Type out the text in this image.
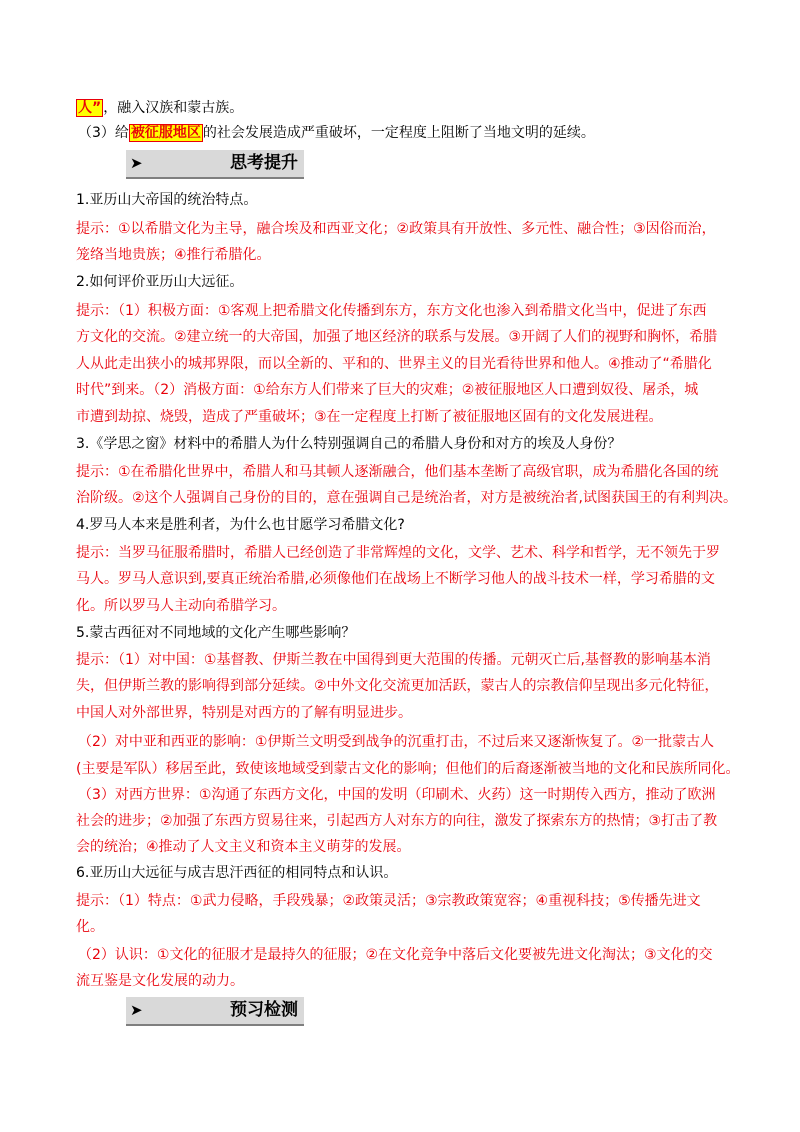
人” ，融入汉族和蒙古族。
（3）给 被征服地区 的社会发展造成严重破坏，一定程度上阻断了当地文明的延续。
➤	思考提升
1.亚历山大帝国的统治特点。
提示：①以希腊文化为主导，融合埃及和西亚文化；②政策具有开放性、多元性、融合性；③因俗而治，
笼络当地贵族；④推行希腊化。
2.如何评价亚历山大远征。
提示：（1）积极方面：①客观上把希腊文化传播到东方，东方文化也渗入到希腊文化当中，促进了东西
方文化的交流。②建立统一的大帝国，加强了地区经济的联系与发展。③开阔了人们的视野和胸怀，希腊
人从此走出狭小的城邦界限，而以全新的、平和的、世界主义的目光看待世界和他人。④推动了“希腊化
时代”到来。（2）消极方面：①给东方人们带来了巨大的灾难；②被征服地区人口遭到奴役、屠杀，城
市遭到劫掠、烧毁，造成了严重破坏；③在一定程度上打断了被征服地区固有的文化发展进程。
3.《学思之窗》材料中的希腊人为什么特别强调自己的希腊人身份和对方的埃及人身份？
提示：①在希腊化世界中，希腊人和马其顿人逐渐融合，他们基本垄断了高级官职，成为希腊化各国的统
治阶级。②这个人强调自己身份的目的，意在强调自己是统治者，对方是被统治者,试图获国王的有利判决。
4.罗马人本来是胜利者，为什么也甘愿学习希腊文化?
提示：当罗马征服希腊时，希腊人已经创造了非常辉煌的文化，文学、艺术、科学和哲学，无不领先于罗
马人。罗马人意识到,要真正统治希腊,必须像他们在战场上不断学习他人的战斗技术一样，学习希腊的文
化。所以罗马人主动向希腊学习。
5.蒙古西征对不同地域的文化产生哪些影响？
提示：（1）对中国：①基督教、伊斯兰教在中国得到更大范围的传播。元朝灭亡后,基督教的影响基本消
失，但伊斯兰教的影响得到部分延续。②中外文化交流更加活跃，蒙古人的宗教信仰呈现出多元化特征，
中国人对外部世界，特别是对西方的了解有明显进步。
（2）对中亚和西亚的影响：①伊斯兰文明受到战争的沉重打击，不过后来又逐渐恢复了。②一批蒙古人
(主要是军队）移居至此，致使该地域受到蒙古文化的影响；但他们的后裔逐渐被当地的文化和民族所同化。
（3）对西方世界：①沟通了东西方文化，中国的发明（印刷术、火药）这一时期传入西方，推动了欧洲
社会的进步；②加强了东西方贸易往来，引起西方人对东方的向往，激发了探索东方的热情；③打击了教
会的统治；④推动了人文主义和资本主义萌芽的发展。
6.亚历山大远征与成吉思汗西征的相同特点和认识。
提示：（1）特点：①武力侵略，手段残暴；②政策灵活；③宗教政策宽容；④重视科技；⑤传播先进文
化。
（2）认识：①文化的征服才是最持久的征服；②在文化竞争中落后文化要被先进文化淘汰；③文化的交
流互鉴是文化发展的动力。
➤	预习检测
